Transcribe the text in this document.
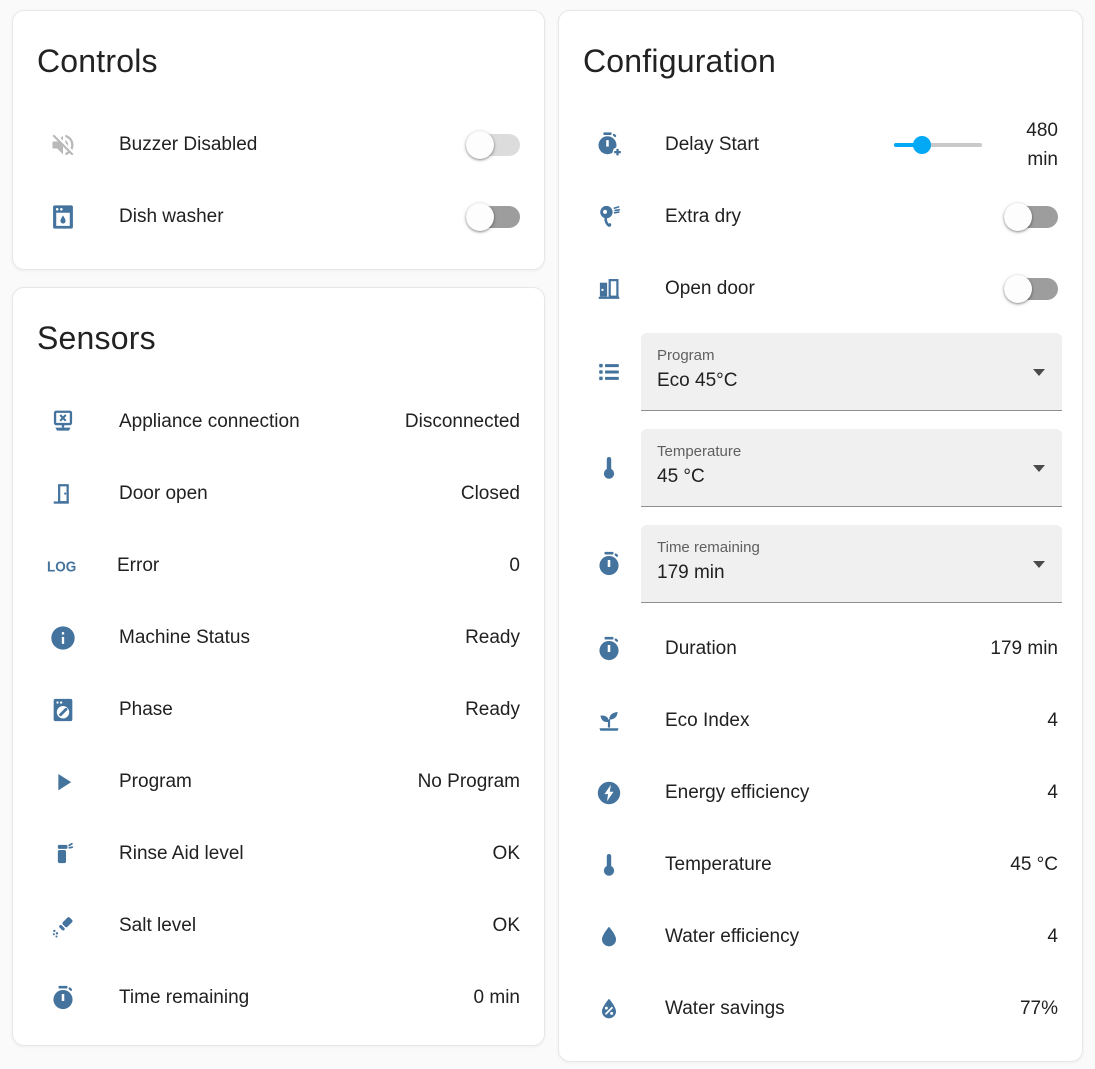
Controls
Buzzer Disabled
Dish washer
Sensors
Appliance connection	Disconnected
Door open	Closed
LOG Error	0
Machine Status	Ready
Phase	Ready
Program	No Program
Rinse Aid level	OK
Salt level	OK
Time remaining	0 min
Configuration
Delay Start
480
min
Extra dry
Open door
Program
Eco 45°C
Temperature
45 °C
Time remaining
179 min
Duration	179 min
Eco Index	4
Energy efficiency	4
Temperature	45 °C
Water efficiency	4
Water savings	77%
